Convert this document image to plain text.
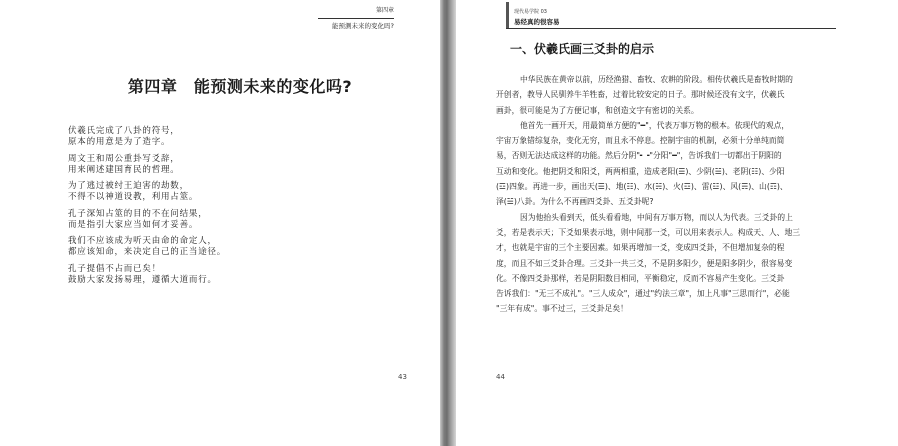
第四章
能预测未来的变化吗?
第四章　能预测未来的变化吗?
伏羲氏完成了八卦的符号，
原本的用意是为了造字。
周文王和周公重卦写爻辞，
用来阐述建国育民的哲理。
为了逃过被纣王迫害的劫数，
不得不以神道设教，利用占筮。
孔子深知占筮的目的不在问结果，
而是指引大家应当如何才妥善。
我们不应该成为听天由命的命定人，
都应该知命，来决定自己的正当途径。
孔子提倡不占而已矣！
鼓励大家发扬易理，遵循大道而行。
43
现代易学院 03
易经真的很容易
一、伏羲氏画三爻卦的启示
中华民族在黄帝以前，历经渔猎、畜牧、农耕的阶段。相传伏羲氏是畜牧时期的
开创者，教导人民驯养牛羊牲畜，过着比较安定的日子。那时候还没有文字，伏羲氏
画卦，很可能是为了方便记事，和创造文字有密切的关系。
他首先一画开天，用最简单方便的"━"，代表万事万物的根本。依现代的观点，
宇宙万象错综复杂，变化无穷，而且永不停息。控制宇宙的机制，必须十分单纯而简
易，否则无法达成这样的功能。然后分阴"╸╺"分阳"━"，告诉我们一切都出于阴阳的
互动和变化。他把阴爻和阳爻，两两相重，造成老阳(☰)、少阴(☱)、老阴(☷)、少阳
(☲)四象。再进一步，画出天(☰)、地(☷)、水(☵)、火(☲)、雷(☳)、风(☴)、山(☶)、
泽(☱)八卦。为什么不再画四爻卦、五爻卦呢?
因为他抬头看到天，低头看看地，中间有万事万物，而以人为代表。三爻卦的上
爻，若是表示天；下爻如果表示地，则中间那一爻，可以用来表示人。构成天、人、地三
才，也就是宇宙的三个主要因素。如果再增加一爻，变成四爻卦，不但增加复杂的程
度，而且不如三爻卦合理。三爻卦一共三爻，不是阴多阳少，便是阳多阴少，很容易变
化。不像四爻卦那样，若是阴阳数目相同，平衡稳定，反而不容易产生变化。三爻卦
告诉我们："无三不成礼"。"三人成众"，通过"约法三章"，加上凡事"三思而行"，必能
"三年有成"。事不过三，三爻卦足矣！
44
